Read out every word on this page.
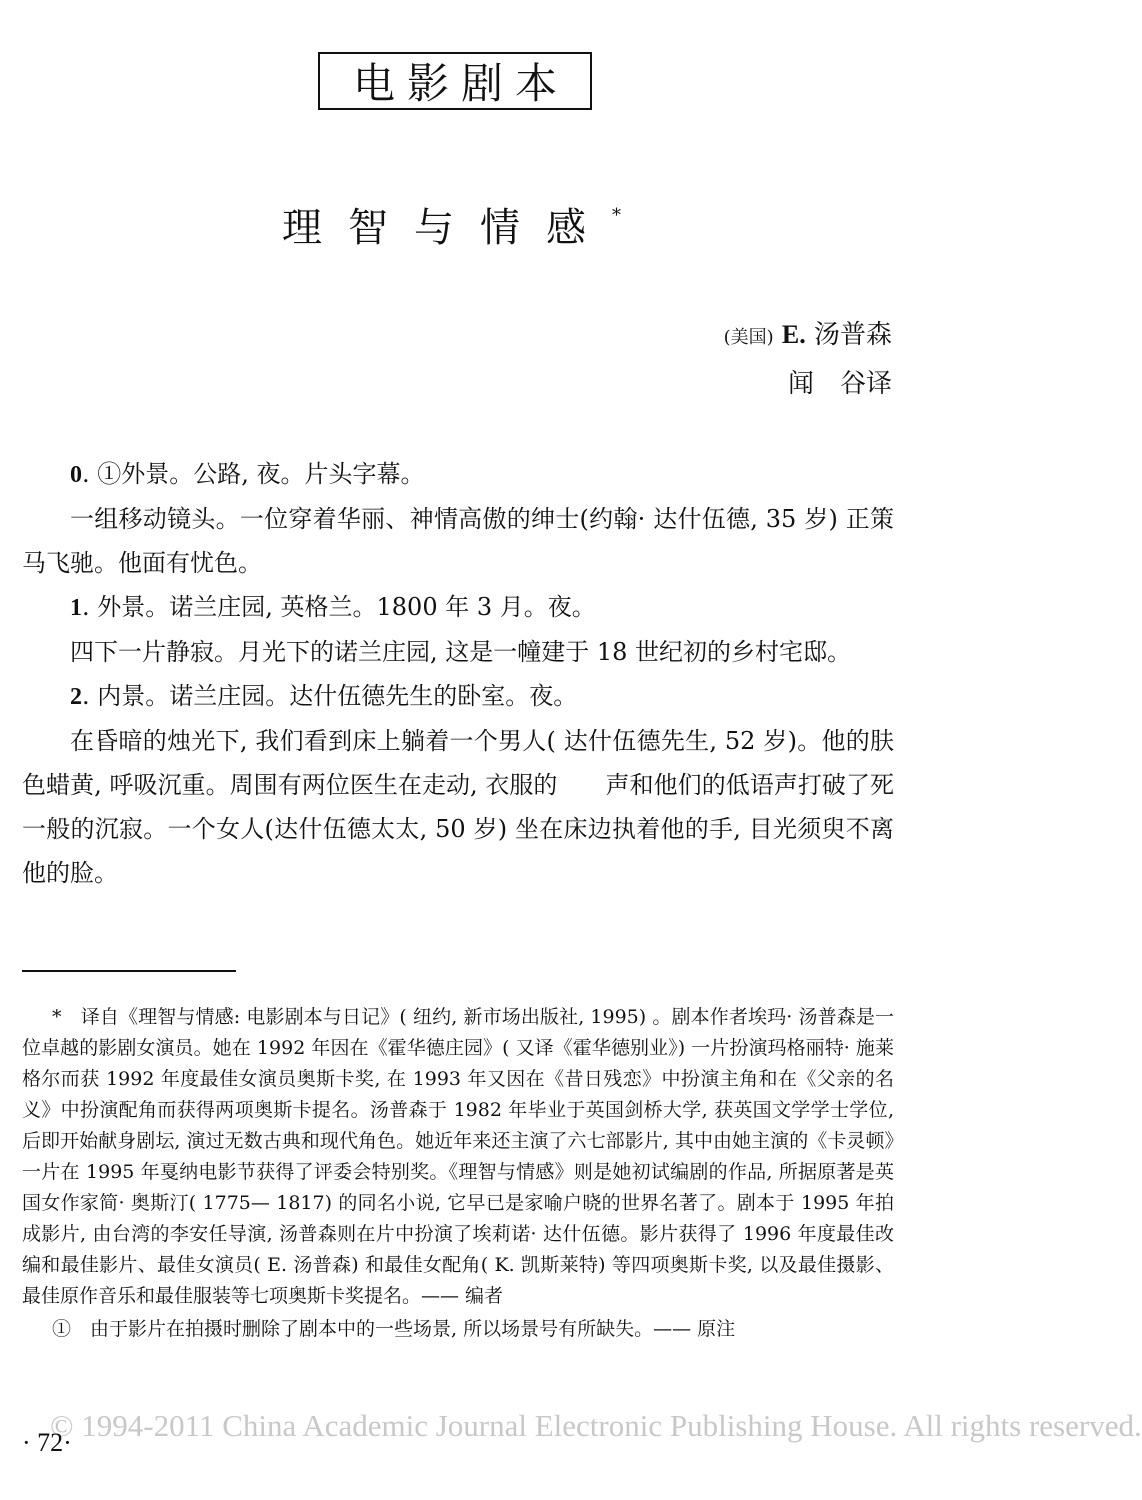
电影剧本
理智与情感*
(美国) E. 汤普森
闻　谷译

0. ①外景。公路, 夜。片头字幕。

一组移动镜头。一位穿着华丽、神情高傲的绅士(约翰· 达什伍德, 35 岁) 正策马飞驰。他面有忧色。

1. 外景。诺兰庄园, 英格兰。1800 年 3 月。夜。

四下一片静寂。月光下的诺兰庄园, 这是一幢建于 18 世纪初的乡村宅邸。

2. 内景。诺兰庄园。达什伍德先生的卧室。夜。

在昏暗的烛光下, 我们看到床上躺着一个男人( 达什伍德先生, 52 岁)。他的肤色蜡黄, 呼吸沉重。周围有两位医生在走动, 衣服的　　声和他们的低语声打破了死一般的沉寂。一个女人(达什伍德太太, 50 岁) 坐在床边执着他的手, 目光须臾不离他的脸。

*　译自《理智与情感: 电影剧本与日记》( 纽约, 新市场出版社, 1995) 。剧本作者埃玛· 汤普森是一位卓越的影剧女演员。她在 1992 年因在《霍华德庄园》( 又译《霍华德别业》) 一片扮演玛格丽特· 施莱格尔而获 1992 年度最佳女演员奥斯卡奖, 在 1993 年又因在《昔日残恋》中扮演主角和在《父亲的名义》中扮演配角而获得两项奥斯卡提名。汤普森于 1982 年毕业于英国剑桥大学, 获英国文学学士学位, 后即开始献身剧坛, 演过无数古典和现代角色。她近年来还主演了六七部影片, 其中由她主演的《卡灵顿》一片在 1995 年戛纳电影节获得了评委会特别奖。《理智与情感》则是她初试编剧的作品, 所据原著是英国女作家简· 奥斯汀( 1775— 1817) 的同名小说, 它早已是家喻户晓的世界名著了。剧本于 1995 年拍成影片, 由台湾的李安任导演, 汤普森则在片中扮演了埃莉诺· 达什伍德。影片获得了 1996 年度最佳改编和最佳影片、最佳女演员( E. 汤普森) 和最佳女配角( K. 凯斯莱特) 等四项奥斯卡奖, 以及最佳摄影、最佳原作音乐和最佳服装等七项奥斯卡奖提名。—— 编者

①　由于影片在拍摄时删除了剧本中的一些场景, 所以场景号有所缺失。—— 原注

© 1994-2011 China Academic Journal Electronic Publishing House. All rights reserved.
· 72·
